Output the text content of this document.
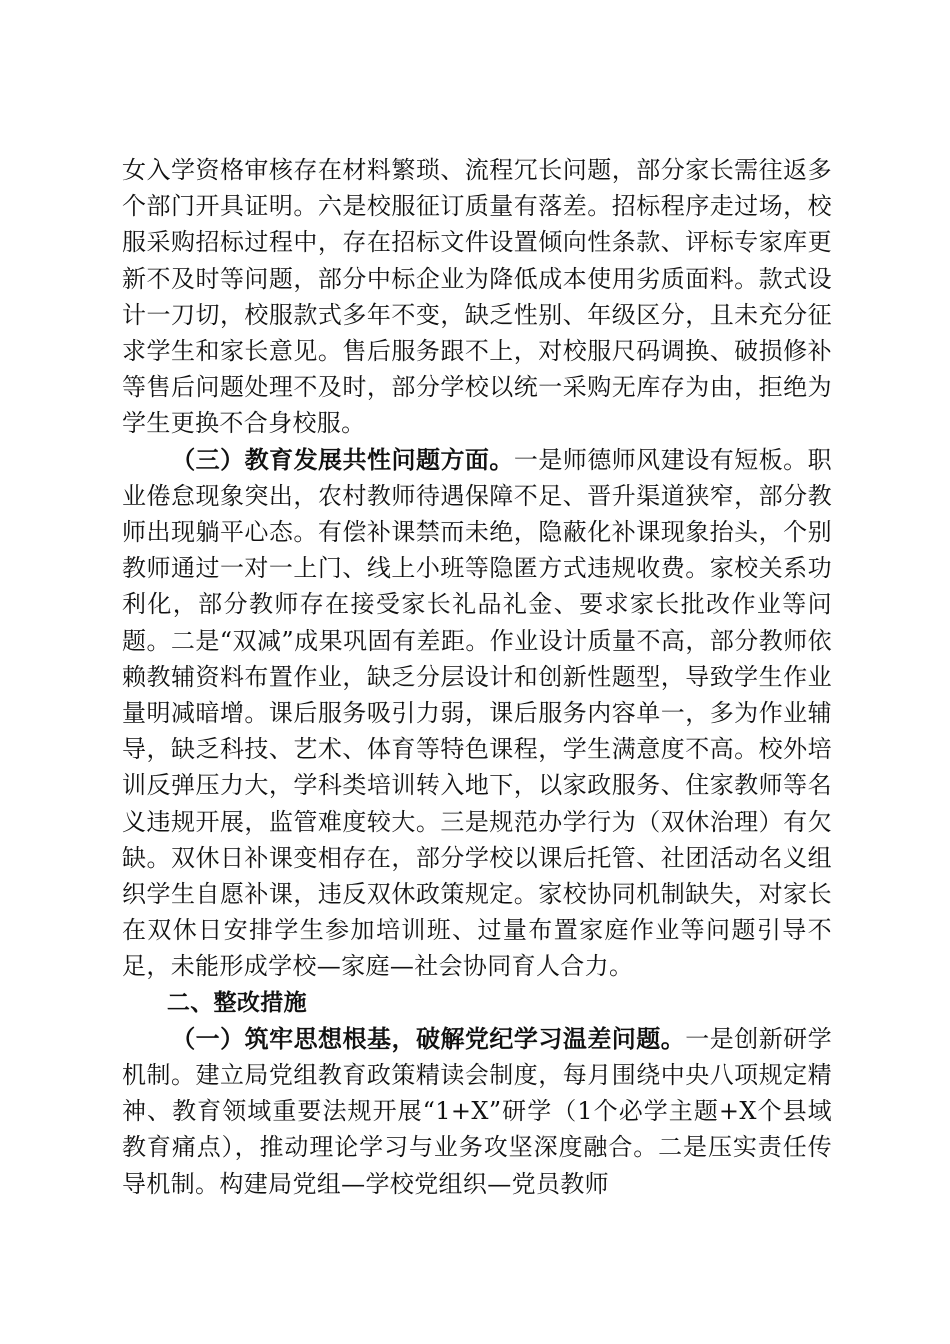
女入学资格审核存在材料繁琐、流程冗长问题，部分家长需往返多个部门开具证明。六是校服征订质量有落差。招标程序走过场，校服采购招标过程中，存在招标文件设置倾向性条款、评标专家库更新不及时等问题，部分中标企业为降低成本使用劣质面料。款式设计一刀切，校服款式多年不变，缺乏性别、年级区分，且未充分征求学生和家长意见。售后服务跟不上，对校服尺码调换、破损修补等售后问题处理不及时，部分学校以统一采购无库存为由，拒绝为学生更换不合身校服。

（三）教育发展共性问题方面。一是师德师风建设有短板。职业倦怠现象突出，农村教师待遇保障不足、晋升渠道狭窄，部分教师出现躺平心态。有偿补课禁而未绝，隐蔽化补课现象抬头，个别教师通过一对一上门、线上小班等隐匿方式违规收费。家校关系功利化，部分教师存在接受家长礼品礼金、要求家长批改作业等问题。二是“双减”成果巩固有差距。作业设计质量不高，部分教师依赖教辅资料布置作业，缺乏分层设计和创新性题型，导致学生作业量明减暗增。课后服务吸引力弱，课后服务内容单一，多为作业辅导，缺乏科技、艺术、体育等特色课程，学生满意度不高。校外培训反弹压力大，学科类培训转入地下，以家政服务、住家教师等名义违规开展，监管难度较大。三是规范办学行为（双休治理）有欠缺。双休日补课变相存在，部分学校以课后托管、社团活动名义组织学生自愿补课，违反双休政策规定。家校协同机制缺失，对家长在双休日安排学生参加培训班、过量布置家庭作业等问题引导不足，未能形成学校—家庭—社会协同育人合力。

二、整改措施

（一）筑牢思想根基，破解党纪学习温差问题。一是创新研学机制。建立局党组教育政策精读会制度，每月围绕中央八项规定精神、教育领域重要法规开展“1+X”研学（1个必学主题+X个县域教育痛点），推动理论学习与业务攻坚深度融合。二是压实责任传导机制。构建局党组—学校党组织—党员教师
